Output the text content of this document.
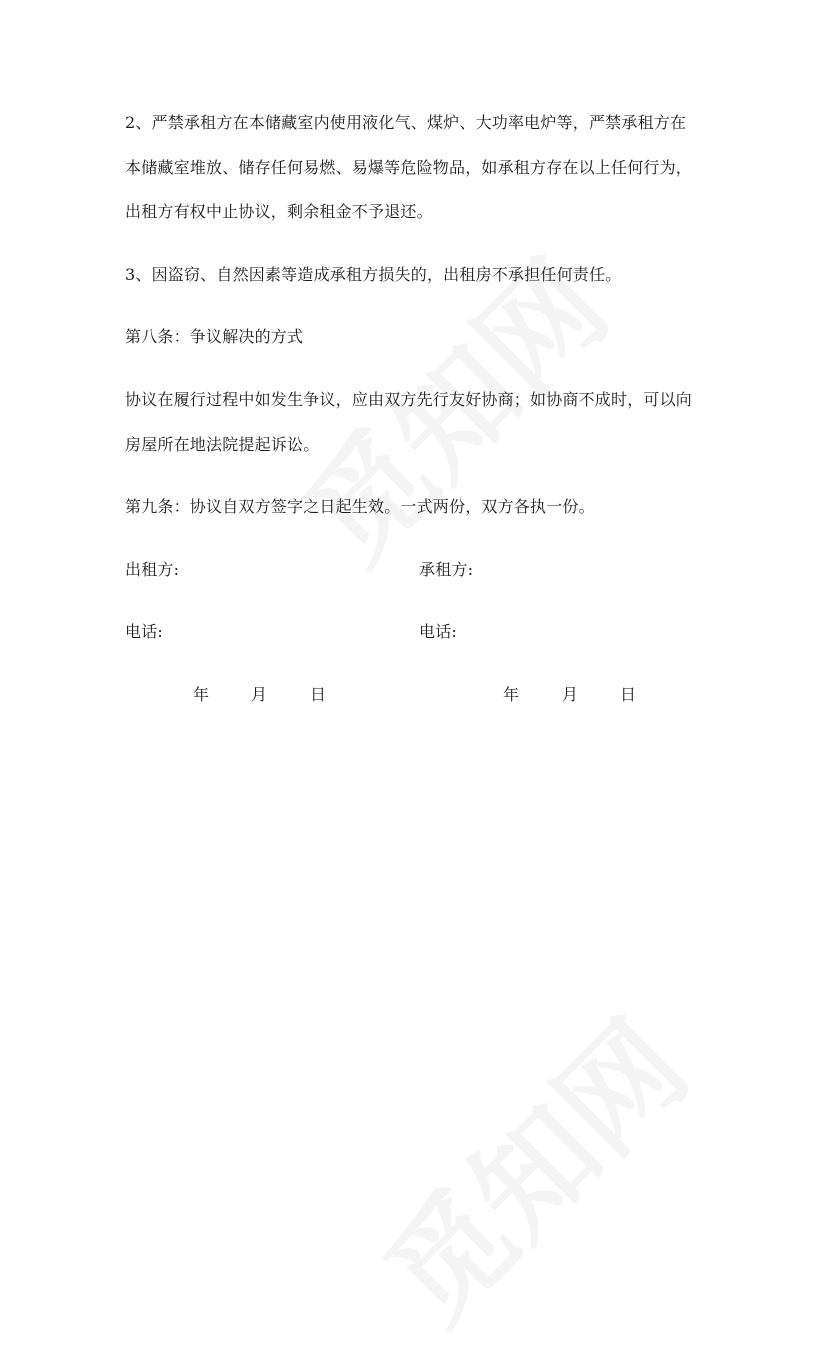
2、严禁承租方在本储藏室内使用液化气、煤炉、大功率电炉等，严禁承租方在

本储藏室堆放、储存任何易燃、易爆等危险物品，如承租方存在以上任何行为，

出租方有权中止协议，剩余租金不予退还。

3、因盗窃、自然因素等造成承租方损失的，出租房不承担任何责任。

第八条：争议解决的方式

协议在履行过程中如发生争议，应由双方先行友好协商；如协商不成时，可以向

房屋所在地法院提起诉讼。

第九条：协议自双方签字之日起生效。一式两份，双方各执一份。

出租方:	承租方:

电话:	电话:

年	月	日	年	月	日
